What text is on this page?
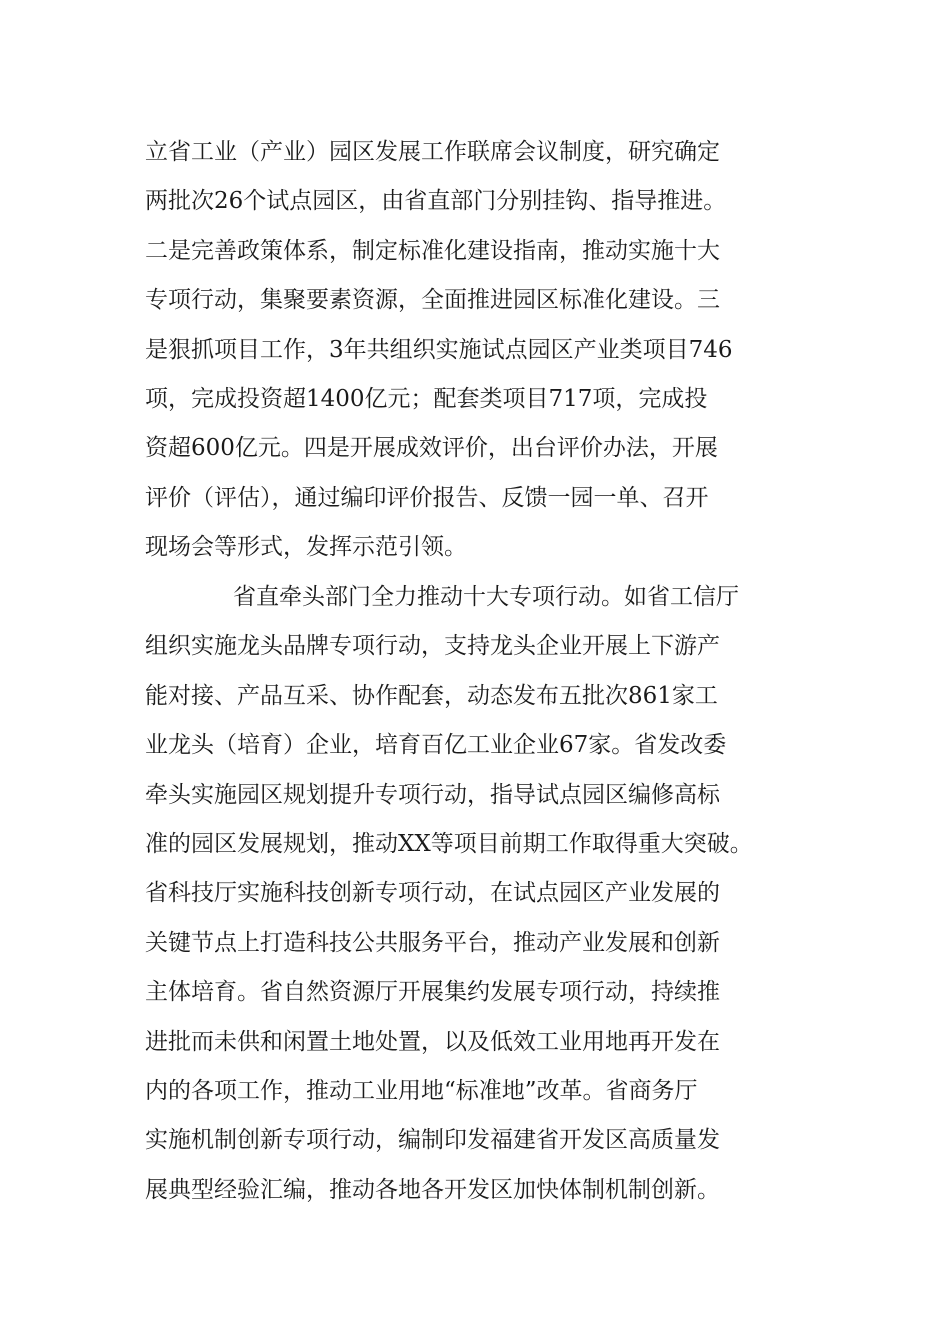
立省工业（产业）园区发展工作联席会议制度，研究确定
两批次26个试点园区，由省直部门分别挂钩、指导推进。
二是完善政策体系，制定标准化建设指南，推动实施十大
专项行动，集聚要素资源，全面推进园区标准化建设。三
是狠抓项目工作，3年共组织实施试点园区产业类项目746
项，完成投资超1400亿元；配套类项目717项，完成投
资超600亿元。四是开展成效评价，出台评价办法，开展
评价（评估），通过编印评价报告、反馈一园一单、召开
现场会等形式，发挥示范引领。
省直牵头部门全力推动十大专项行动。如省工信厅
组织实施龙头品牌专项行动，支持龙头企业开展上下游产
能对接、产品互采、协作配套，动态发布五批次861家工
业龙头（培育）企业，培育百亿工业企业67家。省发改委
牵头实施园区规划提升专项行动，指导试点园区编修高标
准的园区发展规划，推动XX等项目前期工作取得重大突破。
省科技厅实施科技创新专项行动，在试点园区产业发展的
关键节点上打造科技公共服务平台，推动产业发展和创新
主体培育。省自然资源厅开展集约发展专项行动，持续推
进批而未供和闲置土地处置，以及低效工业用地再开发在
内的各项工作，推动工业用地“标准地”改革。省商务厅
实施机制创新专项行动，编制印发福建省开发区高质量发
展典型经验汇编，推动各地各开发区加快体制机制创新。
